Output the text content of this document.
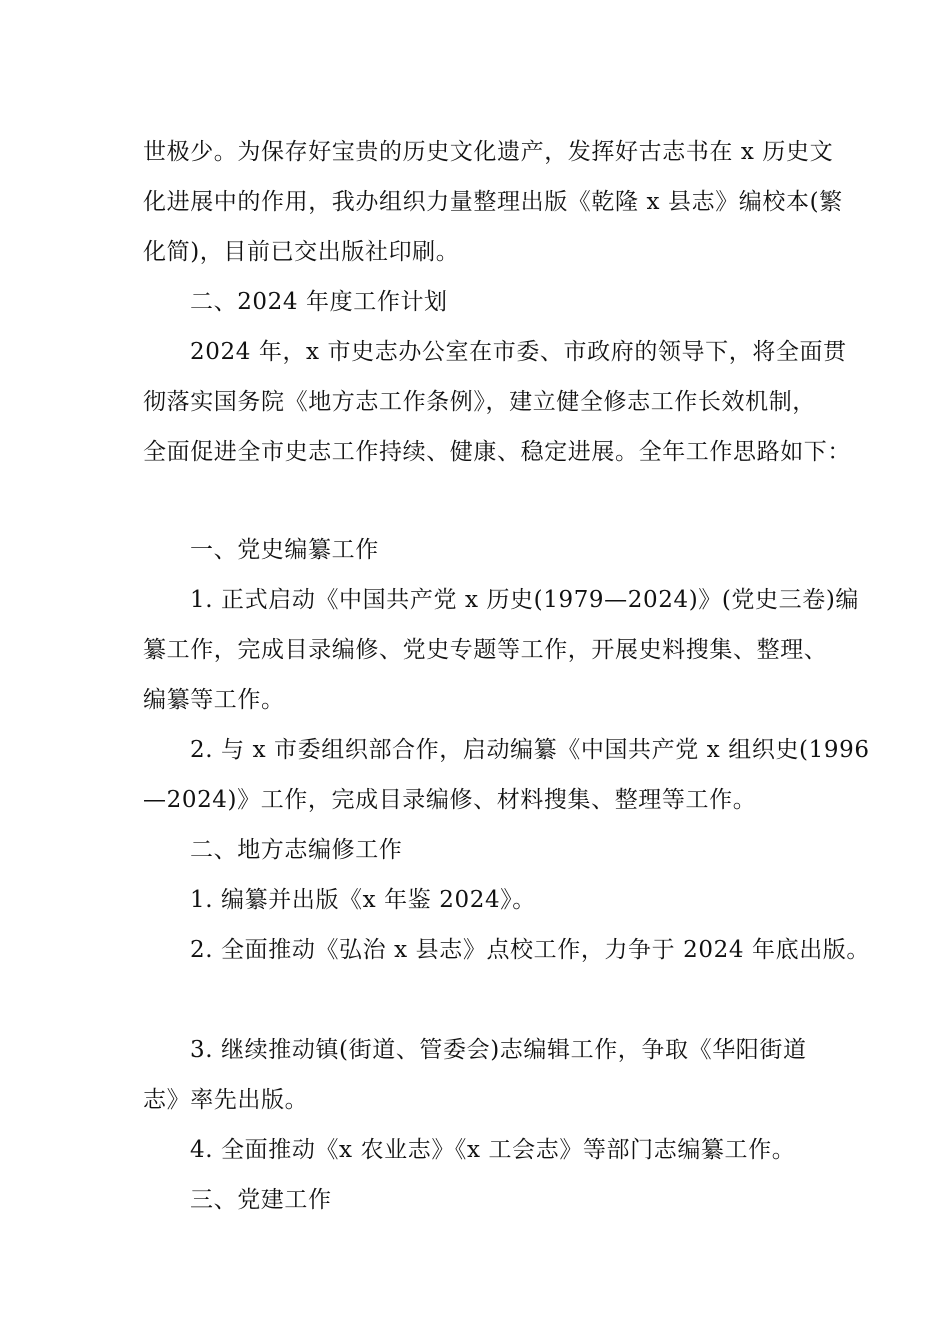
世极少。为保存好宝贵的历史文化遗产，发挥好古志书在 x 历史文
化进展中的作用，我办组织力量整理出版《乾隆 x 县志》编校本(繁
化简)，目前已交出版社印刷。
二、2024 年度工作计划
2024 年，x 市史志办公室在市委、市政府的领导下，将全面贯
彻落实国务院《地方志工作条例》，建立健全修志工作长效机制，
全面促进全市史志工作持续、健康、稳定进展。全年工作思路如下：
一、党史编纂工作
1. 正式启动《中国共产党 x 历史(1979—2024)》(党史三卷)编
纂工作，完成目录编修、党史专题等工作，开展史料搜集、整理、
编纂等工作。
2. 与 x 市委组织部合作，启动编纂《中国共产党 x 组织史(1996
—2024)》工作，完成目录编修、材料搜集、整理等工作。
二、地方志编修工作
1. 编纂并出版《x 年鉴 2024》。
2. 全面推动《弘治 x 县志》点校工作，力争于 2024 年底出版。
3. 继续推动镇(街道、管委会)志编辑工作，争取《华阳街道
志》率先出版。
4. 全面推动《x 农业志》《x 工会志》等部门志编纂工作。
三、党建工作
